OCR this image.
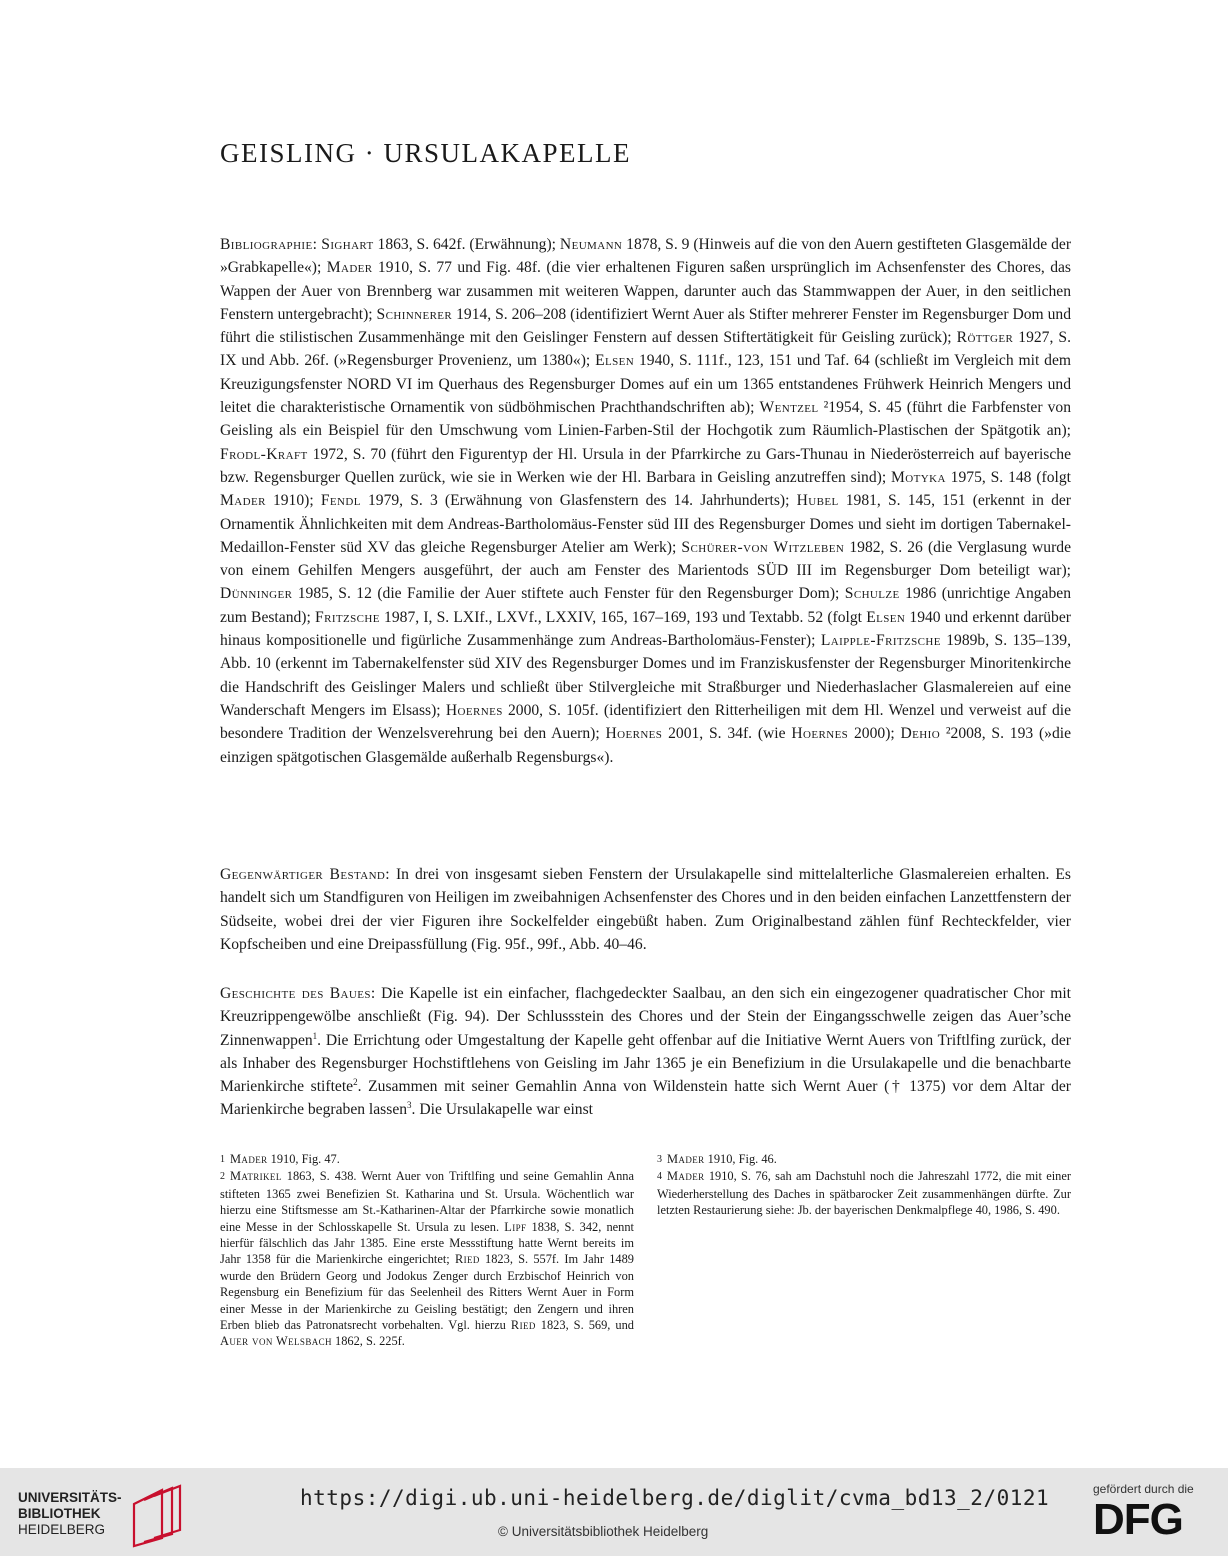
GEISLING · URSULAKAPELLE

Bibliographie: Sighart 1863, S. 642f. (Erwähnung); Neumann 1878, S. 9 (Hinweis auf die von den Auern gestifteten Glasgemälde der »Grabkapelle«); Mader 1910, S. 77 und Fig. 48f. (die vier erhaltenen Figuren saßen ursprünglich im Achsenfenster des Chores, das Wappen der Auer von Brennberg war zusammen mit weiteren Wappen, darunter auch das Stammwappen der Auer, in den seitlichen Fenstern untergebracht); Schinnerer 1914, S. 206–208 (identifiziert Wernt Auer als Stifter mehrerer Fenster im Regensburger Dom und führt die stilistischen Zusammenhänge mit den Geislinger Fenstern auf dessen Stiftertätigkeit für Geisling zurück); Röttger 1927, S. IX und Abb. 26f. (»Regensburger Provenienz, um 1380«); Elsen 1940, S. 111f., 123, 151 und Taf. 64 (schließt im Vergleich mit dem Kreuzigungsfenster NORD VI im Querhaus des Regensburger Domes auf ein um 1365 entstandenes Frühwerk Heinrich Mengers und leitet die charakteristische Ornamentik von südböhmischen Prachthandschriften ab); Wentzel ²1954, S. 45 (führt die Farbfenster von Geisling als ein Beispiel für den Umschwung vom Linien-Farben-Stil der Hochgotik zum Räumlich-Plastischen der Spätgotik an); Frodl-Kraft 1972, S. 70 (führt den Figurentyp der Hl. Ursula in der Pfarrkirche zu Gars-Thunau in Niederösterreich auf bayerische bzw. Regensburger Quellen zurück, wie sie in Werken wie der Hl. Barbara in Geisling anzutreffen sind); Motyka 1975, S. 148 (folgt Mader 1910); Fendl 1979, S. 3 (Erwähnung von Glasfenstern des 14. Jahrhunderts); Hubel 1981, S. 145, 151 (erkennt in der Ornamentik Ähnlichkeiten mit dem Andreas-Bartholomäus-Fenster süd III des Regensburger Domes und sieht im dortigen Tabernakel-Medaillon-Fenster süd XV das gleiche Regensburger Atelier am Werk); Schürer-von Witzleben 1982, S. 26 (die Verglasung wurde von einem Gehilfen Mengers ausgeführt, der auch am Fenster des Marientods SÜD III im Regensburger Dom beteiligt war); Dünninger 1985, S. 12 (die Familie der Auer stiftete auch Fenster für den Regensburger Dom); Schulze 1986 (unrichtige Angaben zum Bestand); Fritzsche 1987, I, S. LXIf., LXVf., LXXIV, 165, 167–169, 193 und Textabb. 52 (folgt Elsen 1940 und erkennt darüber hinaus kompositionelle und figürliche Zusammenhänge zum Andreas-Bartholomäus-Fenster); Laipple-Fritzsche 1989b, S. 135–139, Abb. 10 (erkennt im Tabernakelfenster süd XIV des Regensburger Domes und im Franziskusfenster der Regensburger Minoritenkirche die Handschrift des Geislinger Malers und schließt über Stilvergleiche mit Straßburger und Niederhaslacher Glasmalereien auf eine Wanderschaft Mengers im Elsass); Hoernes 2000, S. 105f. (identifiziert den Ritterheiligen mit dem Hl. Wenzel und verweist auf die besondere Tradition der Wenzelsverehrung bei den Auern); Hoernes 2001, S. 34f. (wie Hoernes 2000); Dehio ²2008, S. 193 (»die einzigen spätgotischen Glasgemälde außerhalb Regensburgs«).

Gegenwärtiger Bestand: In drei von insgesamt sieben Fenstern der Ursulakapelle sind mittelalterliche Glasmalereien erhalten. Es handelt sich um Standfiguren von Heiligen im zweibahnigen Achsenfenster des Chores und in den beiden einfachen Lanzettfenstern der Südseite, wobei drei der vier Figuren ihre Sockelfelder eingebüßt haben. Zum Originalbestand zählen fünf Rechteckfelder, vier Kopfscheiben und eine Dreipassfüllung (Fig. 95f., 99f., Abb. 40–46.

Geschichte des Baues: Die Kapelle ist ein einfacher, flachgedeckter Saalbau, an den sich ein eingezogener quadratischer Chor mit Kreuzrippengewölbe anschließt (Fig. 94). Der Schlussstein des Chores und der Stein der Eingangsschwelle zeigen das Auer’sche Zinnenwappen$^1$. Die Errichtung oder Umgestaltung der Kapelle geht offenbar auf die Initiative Wernt Auers von Triftlfing zurück, der als Inhaber des Regensburger Hochstiftlehens von Geisling im Jahr 1365 je ein Benefizium in die Ursulakapelle und die benachbarte Marienkirche stiftete$^2$. Zusammen mit seiner Gemahlin Anna von Wildenstein hatte sich Wernt Auer († 1375) vor dem Altar der Marienkirche begraben lassen$^3$. Die Ursulakapelle war einst

1 Mader 1910, Fig. 47.

2 Matrikel 1863, S. 438. Wernt Auer von Triftlfing und seine Gemahlin Anna stifteten 1365 zwei Benefizien St. Katharina und St. Ursula. Wöchentlich war hierzu eine Stiftsmesse am St.-Katharinen-Altar der Pfarrkirche sowie monatlich eine Messe in der Schlosskapelle St. Ursula zu lesen. Lipf 1838, S. 342, nennt hierfür fälschlich das Jahr 1385. Eine erste Messstiftung hatte Wernt bereits im Jahr 1358 für die Marienkirche eingerichtet; Ried 1823, S. 557f. Im Jahr 1489 wurde den Brüdern Georg und Jodokus Zenger durch Erzbischof Heinrich von Regensburg ein Benefizium für das Seelenheil des Ritters Wernt Auer in Form einer Messe in der Marienkirche zu Geisling bestätigt; den Zengern und ihren Erben blieb das Patronatsrecht vorbehalten. Vgl. hierzu Ried 1823, S. 569, und Auer von Welsbach 1862, S. 225f.

3 Mader 1910, Fig. 46.

4 Mader 1910, S. 76, sah am Dachstuhl noch die Jahreszahl 1772, die mit einer Wiederherstellung des Daches in spätbarocker Zeit zusammenhängen dürfte. Zur letzten Restaurierung siehe: Jb. der bayerischen Denkmalpflege 40, 1986, S. 490.

UNIVERSITÄTS-
BIBLIOTHEK
HEIDELBERG
https://digi.ub.uni-heidelberg.de/diglit/cvma_bd13_2/0121
© Universitätsbibliothek Heidelberg
gefördert durch die
DFG
